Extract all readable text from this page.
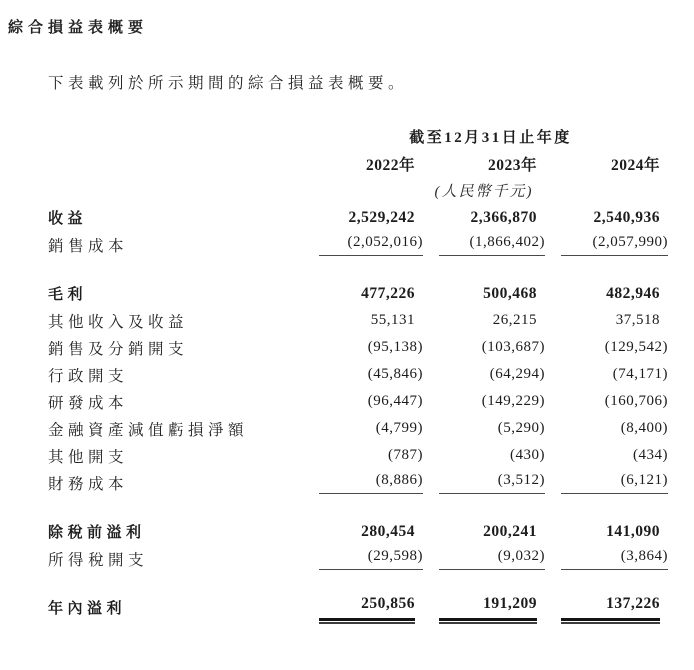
綜合損益表概要

下表載列於所示期間的綜合損益表概要。

	截至12月31日止年度		
	2022年	2023年	2024年
		(人民幣千元)	
收益	2,529,242	2,366,870	2,540,936

銷售成本	(2,052,016)	(1,866,402)	(2,057,990)

毛利	477,226	500,468	482,946

其他收入及收益	55,131	26,215	37,518

銷售及分銷開支	(95,138)	(103,687)	(129,542)

行政開支	(45,846)	(64,294)	(74,171)

研發成本	(96,447)	(149,229)	(160,706)

金融資產減值虧損淨額	(4,799)	(5,290)	(8,400)

其他開支	(787)	(430)	(434)

財務成本	(8,886)	(3,512)	(6,121)

除稅前溢利	280,454	200,241	141,090

所得稅開支	(29,598)	(9,032)	(3,864)

年內溢利	250,856	191,209	137,226
